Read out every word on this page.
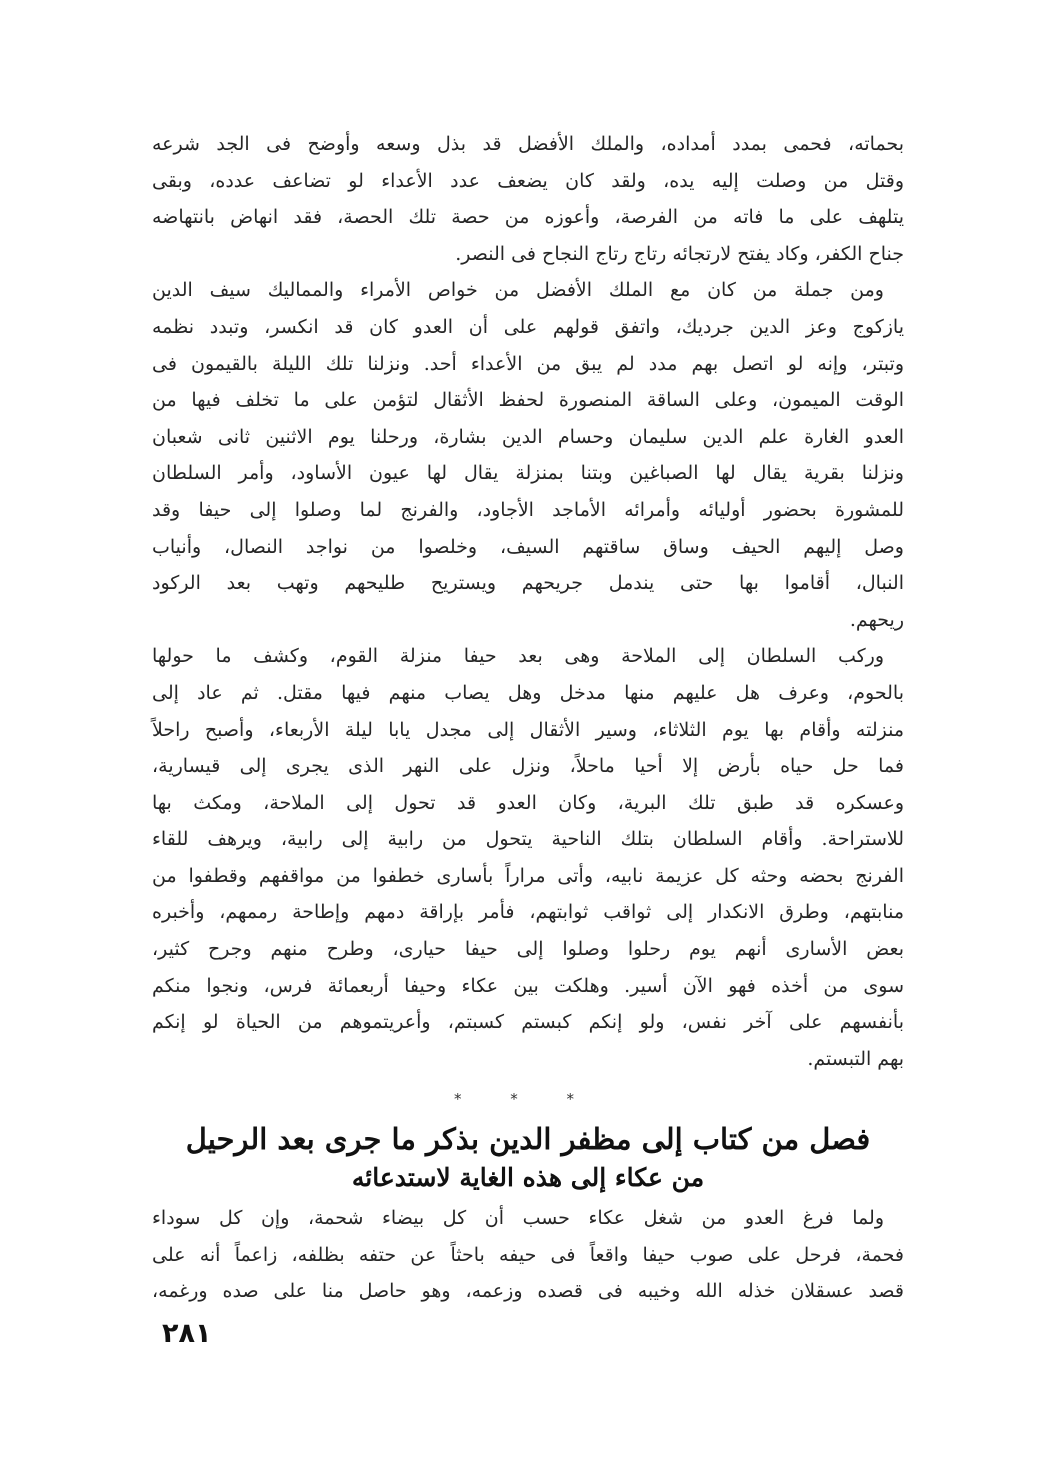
بحماته، فحمى بمدد أمداده، والملك الأفضل قد بذل وسعه وأوضح فى الجد شرعه
وقتل من وصلت إليه يده، ولقد كان يضعف عدد الأعداء لو تضاعف عدده، وبقى
يتلهف على ما فاته من الفرصة، وأعوزه من حصة تلك الحصة، فقد انهاض بانتهاضه
جناح الكفر، وكاد يفتح لارتجائه رتاج رتاج النجاح فى النصر.
ومن جملة من كان مع الملك الأفضل من خواص الأمراء والمماليك سيف الدين
يازكوج وعز الدين جرديك، واتفق قولهم على أن العدو كان قد انكسر، وتبدد نظمه
وتبتر، وإنه لو اتصل بهم مدد لم يبق من الأعداء أحد. ونزلنا تلك الليلة بالقيمون فى
الوقت الميمون، وعلى الساقة المنصورة لحفظ الأثقال لتؤمن على ما تخلف فيها من
العدو الغارة علم الدين سليمان وحسام الدين بشارة، ورحلنا يوم الاثنين ثانى شعبان
ونزلنا بقرية يقال لها الصباغين وبتنا بمنزلة يقال لها عيون الأساود، وأمر السلطان
للمشورة بحضور أوليائه وأمرائه الأماجد الأجاود، والفرنج لما وصلوا إلى حيفا وقد
وصل إليهم الحيف وساق ساقتهم السيف، وخلصوا من نواجد النصال، وأنياب
النبال، أقاموا بها حتى يندمل جريحهم ويستريح طليحهم وتهب بعد الركود
ريحهم.
وركب السلطان إلى الملاحة وهى بعد حيفا منزلة القوم، وكشف ما حولها
بالحوم، وعرف هل عليهم منها مدخل وهل يصاب منهم فيها مقتل. ثم عاد إلى
منزلته وأقام بها يوم الثلاثاء، وسير الأثقال إلى مجدل يابا ليلة الأربعاء، وأصبح راحلاً
فما حل حياه بأرض إلا أحيا ماحلاً، ونزل على النهر الذى يجرى إلى قيسارية،
وعسكره قد طبق تلك البرية، وكان العدو قد تحول إلى الملاحة، ومكث بها
للاستراحة. وأقام السلطان بتلك الناحية يتحول من رابية إلى رابية، ويرهف للقاء
الفرنج بحضه وحثه كل عزيمة نابيه، وأتى مراراً بأسارى خطفوا من مواقفهم وقطفوا من
منابتهم، وطرق الانكدار إلى ثواقب ثوابتهم، فأمر بإراقة دمهم وإطاحة رممهم، وأخبره
بعض الأسارى أنهم يوم رحلوا وصلوا إلى حيفا حيارى، وطرح منهم وجرح كثير،
سوى من أخذه فهو الآن أسير. وهلكت بين عكاء وحيفا أربعمائة فرس، ونجوا منكم
بأنفسهم على آخر نفس، ولو إنكم كبستم كسبتم، وأعريتموهم من الحياة لو إنكم
بهم التبستم.
* * *
فصل من كتاب إلى مظفر الدين بذكر ما جرى بعد الرحيل
من عكاء إلى هذه الغاية لاستدعائه
ولما فرغ العدو من شغل عكاء حسب أن كل بيضاء شحمة، وإن كل سوداء
فحمة، فرحل على صوب حيفا واقعاً فى حيفه باحثاً عن حتفه بظلفه، زاعماً أنه على
قصد عسقلان خذله الله وخيبه فى قصده وزعمه، وهو حاصل منا على صده ورغمه،
٢٨١
